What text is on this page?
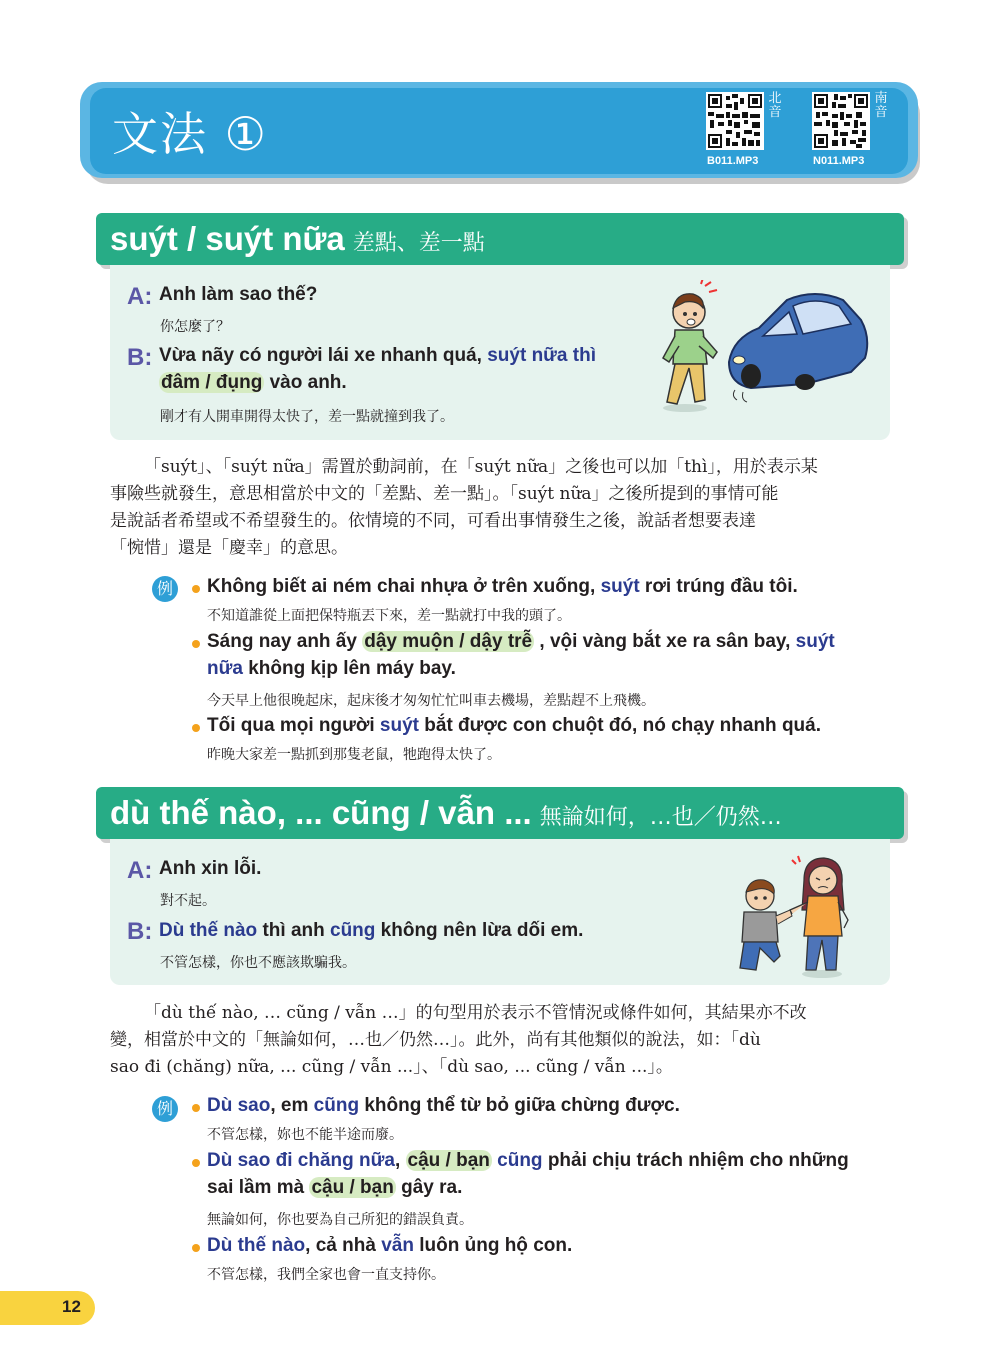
文法 ①
北音
B011.MP3
南音
N011.MP3
suýt / suýt nữa 差點、差一點
A: Anh làm sao thế?
你怎麼了？
B: Vừa nãy có người lái xe nhanh quá, suýt nữa thì
đâm / đụng vào anh.
剛才有人開車開得太快了，差一點就撞到我了。
「suýt」、「suýt nữa」需置於動詞前，在「suýt nữa」之後也可以加「thì」，用於表示某
事險些就發生，意思相當於中文的「差點、差一點」。「suýt nữa」之後所提到的事情可能
是說話者希望或不希望發生的。依情境的不同，可看出事情發生之後，說話者想要表達
「惋惜」還是「慶幸」的意思。
例 Không biết ai ném chai nhựa ở trên xuống, suýt rơi trúng đầu tôi.
不知道誰從上面把保特瓶丟下來，差一點就打中我的頭了。
Sáng nay anh ấy dậy muộn / dậy trễ , vội vàng bắt xe ra sân bay, suýt
nữa không kịp lên máy bay.
今天早上他很晚起床，起床後才匆匆忙忙叫車去機場，差點趕不上飛機。
Tối qua mọi người suýt bắt được con chuột đó, nó chạy nhanh quá.
昨晚大家差一點抓到那隻老鼠，牠跑得太快了。
dù thế nào, ... cũng / vẫn ... 無論如何，…也／仍然…
A: Anh xin lỗi.
對不起。
B: Dù thế nào thì anh cũng không nên lừa dối em.
不管怎樣，你也不應該欺騙我。
「dù thế nào, … cũng / vẫn …」的句型用於表示不管情況或條件如何，其結果亦不改
變，相當於中文的「無論如何，…也／仍然…」。此外，尚有其他類似的說法，如：「dù
sao đi (chăng) nữa, ... cũng / vẫn ...」、「dù sao, ... cũng / vẫn ...」。
例 Dù sao, em cũng không thể từ bỏ giữa chừng được.
不管怎樣，妳也不能半途而廢。
Dù sao đi chăng nữa, cậu / bạn cũng phải chịu trách nhiệm cho những
sai lầm mà cậu / bạn gây ra.
無論如何，你也要為自己所犯的錯誤負責。
Dù thế nào, cả nhà vẫn luôn ủng hộ con.
不管怎樣，我們全家也會一直支持你。
12
